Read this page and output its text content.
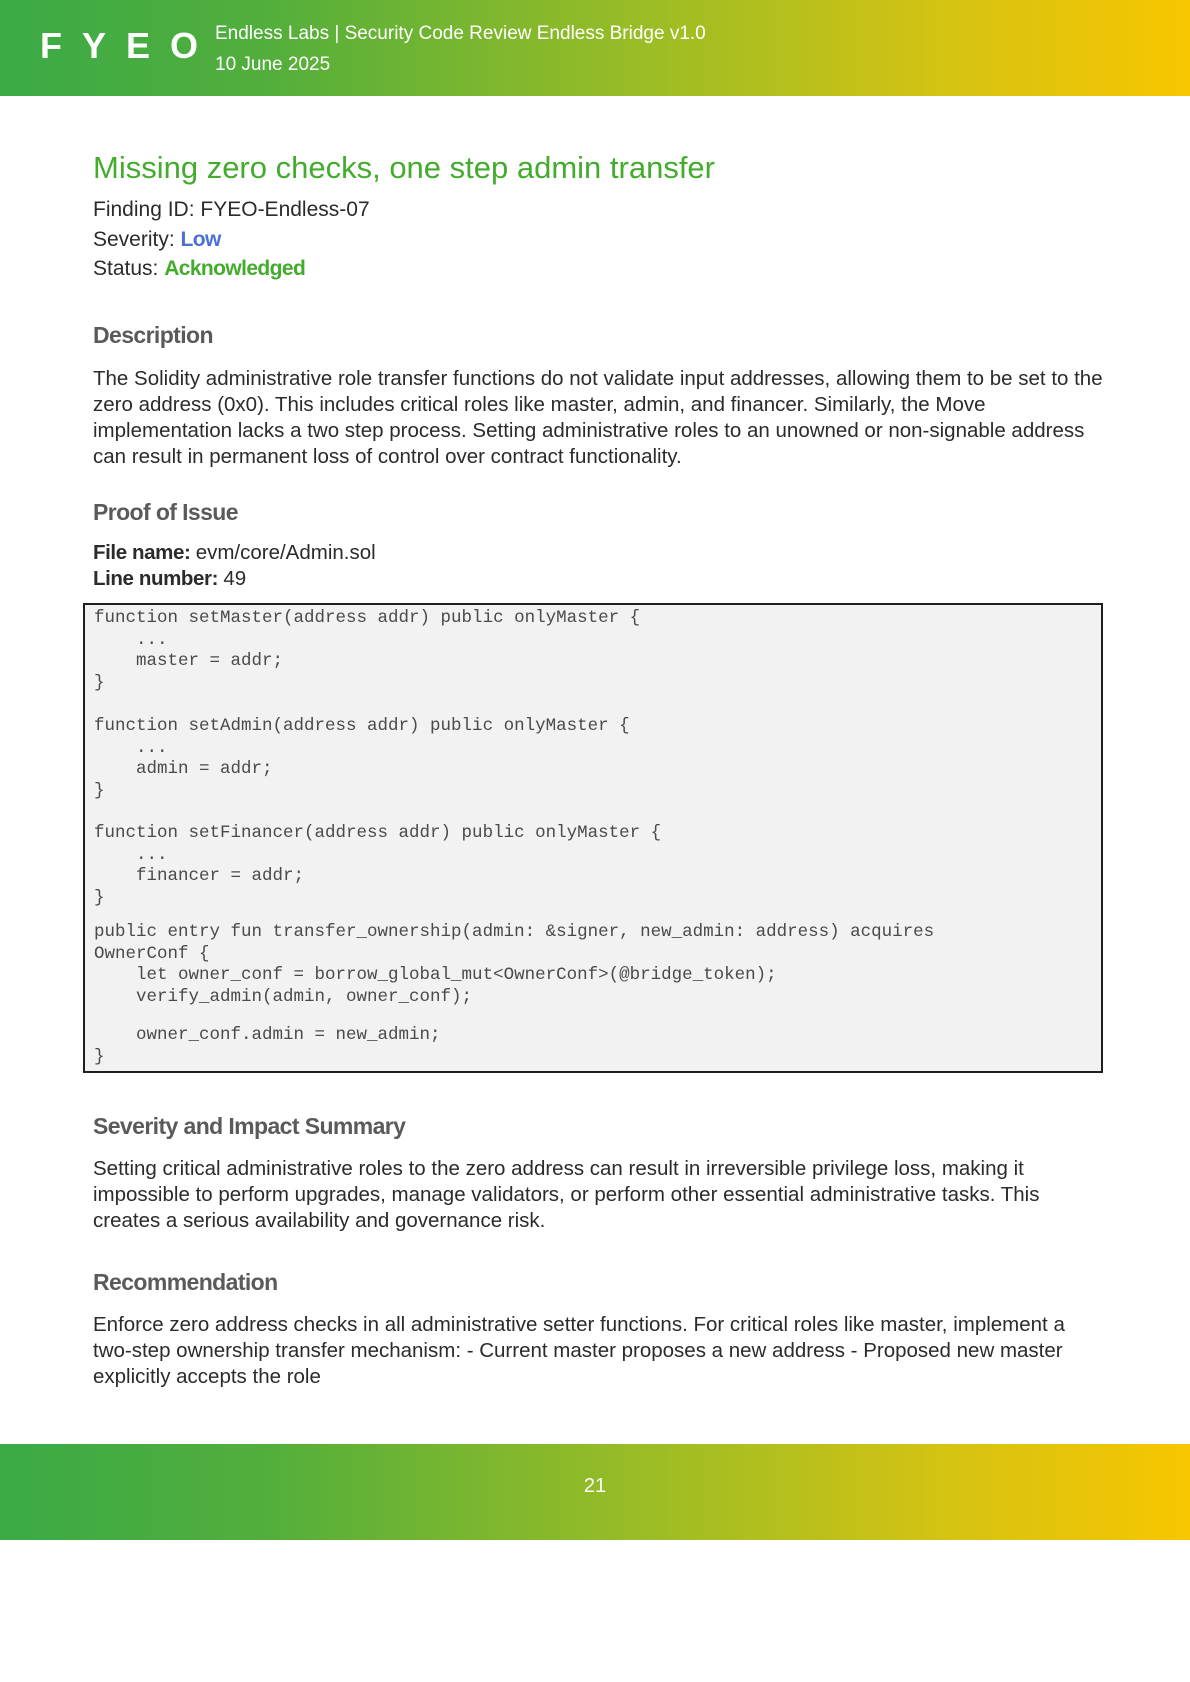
FYEO
Endless Labs | Security Code Review Endless Bridge v1.0
10 June 2025
Missing zero checks, one step admin transfer
Finding ID: FYEO-Endless-07
Severity: Low
Status: Acknowledged
Description
The Solidity administrative role transfer functions do not validate input addresses, allowing them to be set to the zero address (0x0). This includes critical roles like master, admin, and financer. Similarly, the Move implementation lacks a two step process. Setting administrative roles to an unowned or non-signable address can result in permanent loss of control over contract functionality.
Proof of Issue
File name: evm/core/Admin.sol
Line number: 49
Severity and Impact Summary
Setting critical administrative roles to the zero address can result in irreversible privilege loss, making it impossible to perform upgrades, manage validators, or perform other essential administrative tasks. This creates a serious availability and governance risk.
Recommendation
Enforce zero address checks in all administrative setter functions. For critical roles like master, implement a two-step ownership transfer mechanism: - Current master proposes a new address - Proposed new master explicitly accepts the role
function setMaster(address addr) public onlyMaster {
...
master = addr;
}
function setAdmin(address addr) public onlyMaster {
...
admin = addr;
}
function setFinancer(address addr) public onlyMaster {
...
financer = addr;
}
public entry fun transfer_ownership(admin: &signer, new_admin: address) acquires
OwnerConf {
let owner_conf = borrow_global_mut<OwnerConf>(@bridge_token);
verify_admin(admin, owner_conf);
owner_conf.admin = new_admin;
}
21
